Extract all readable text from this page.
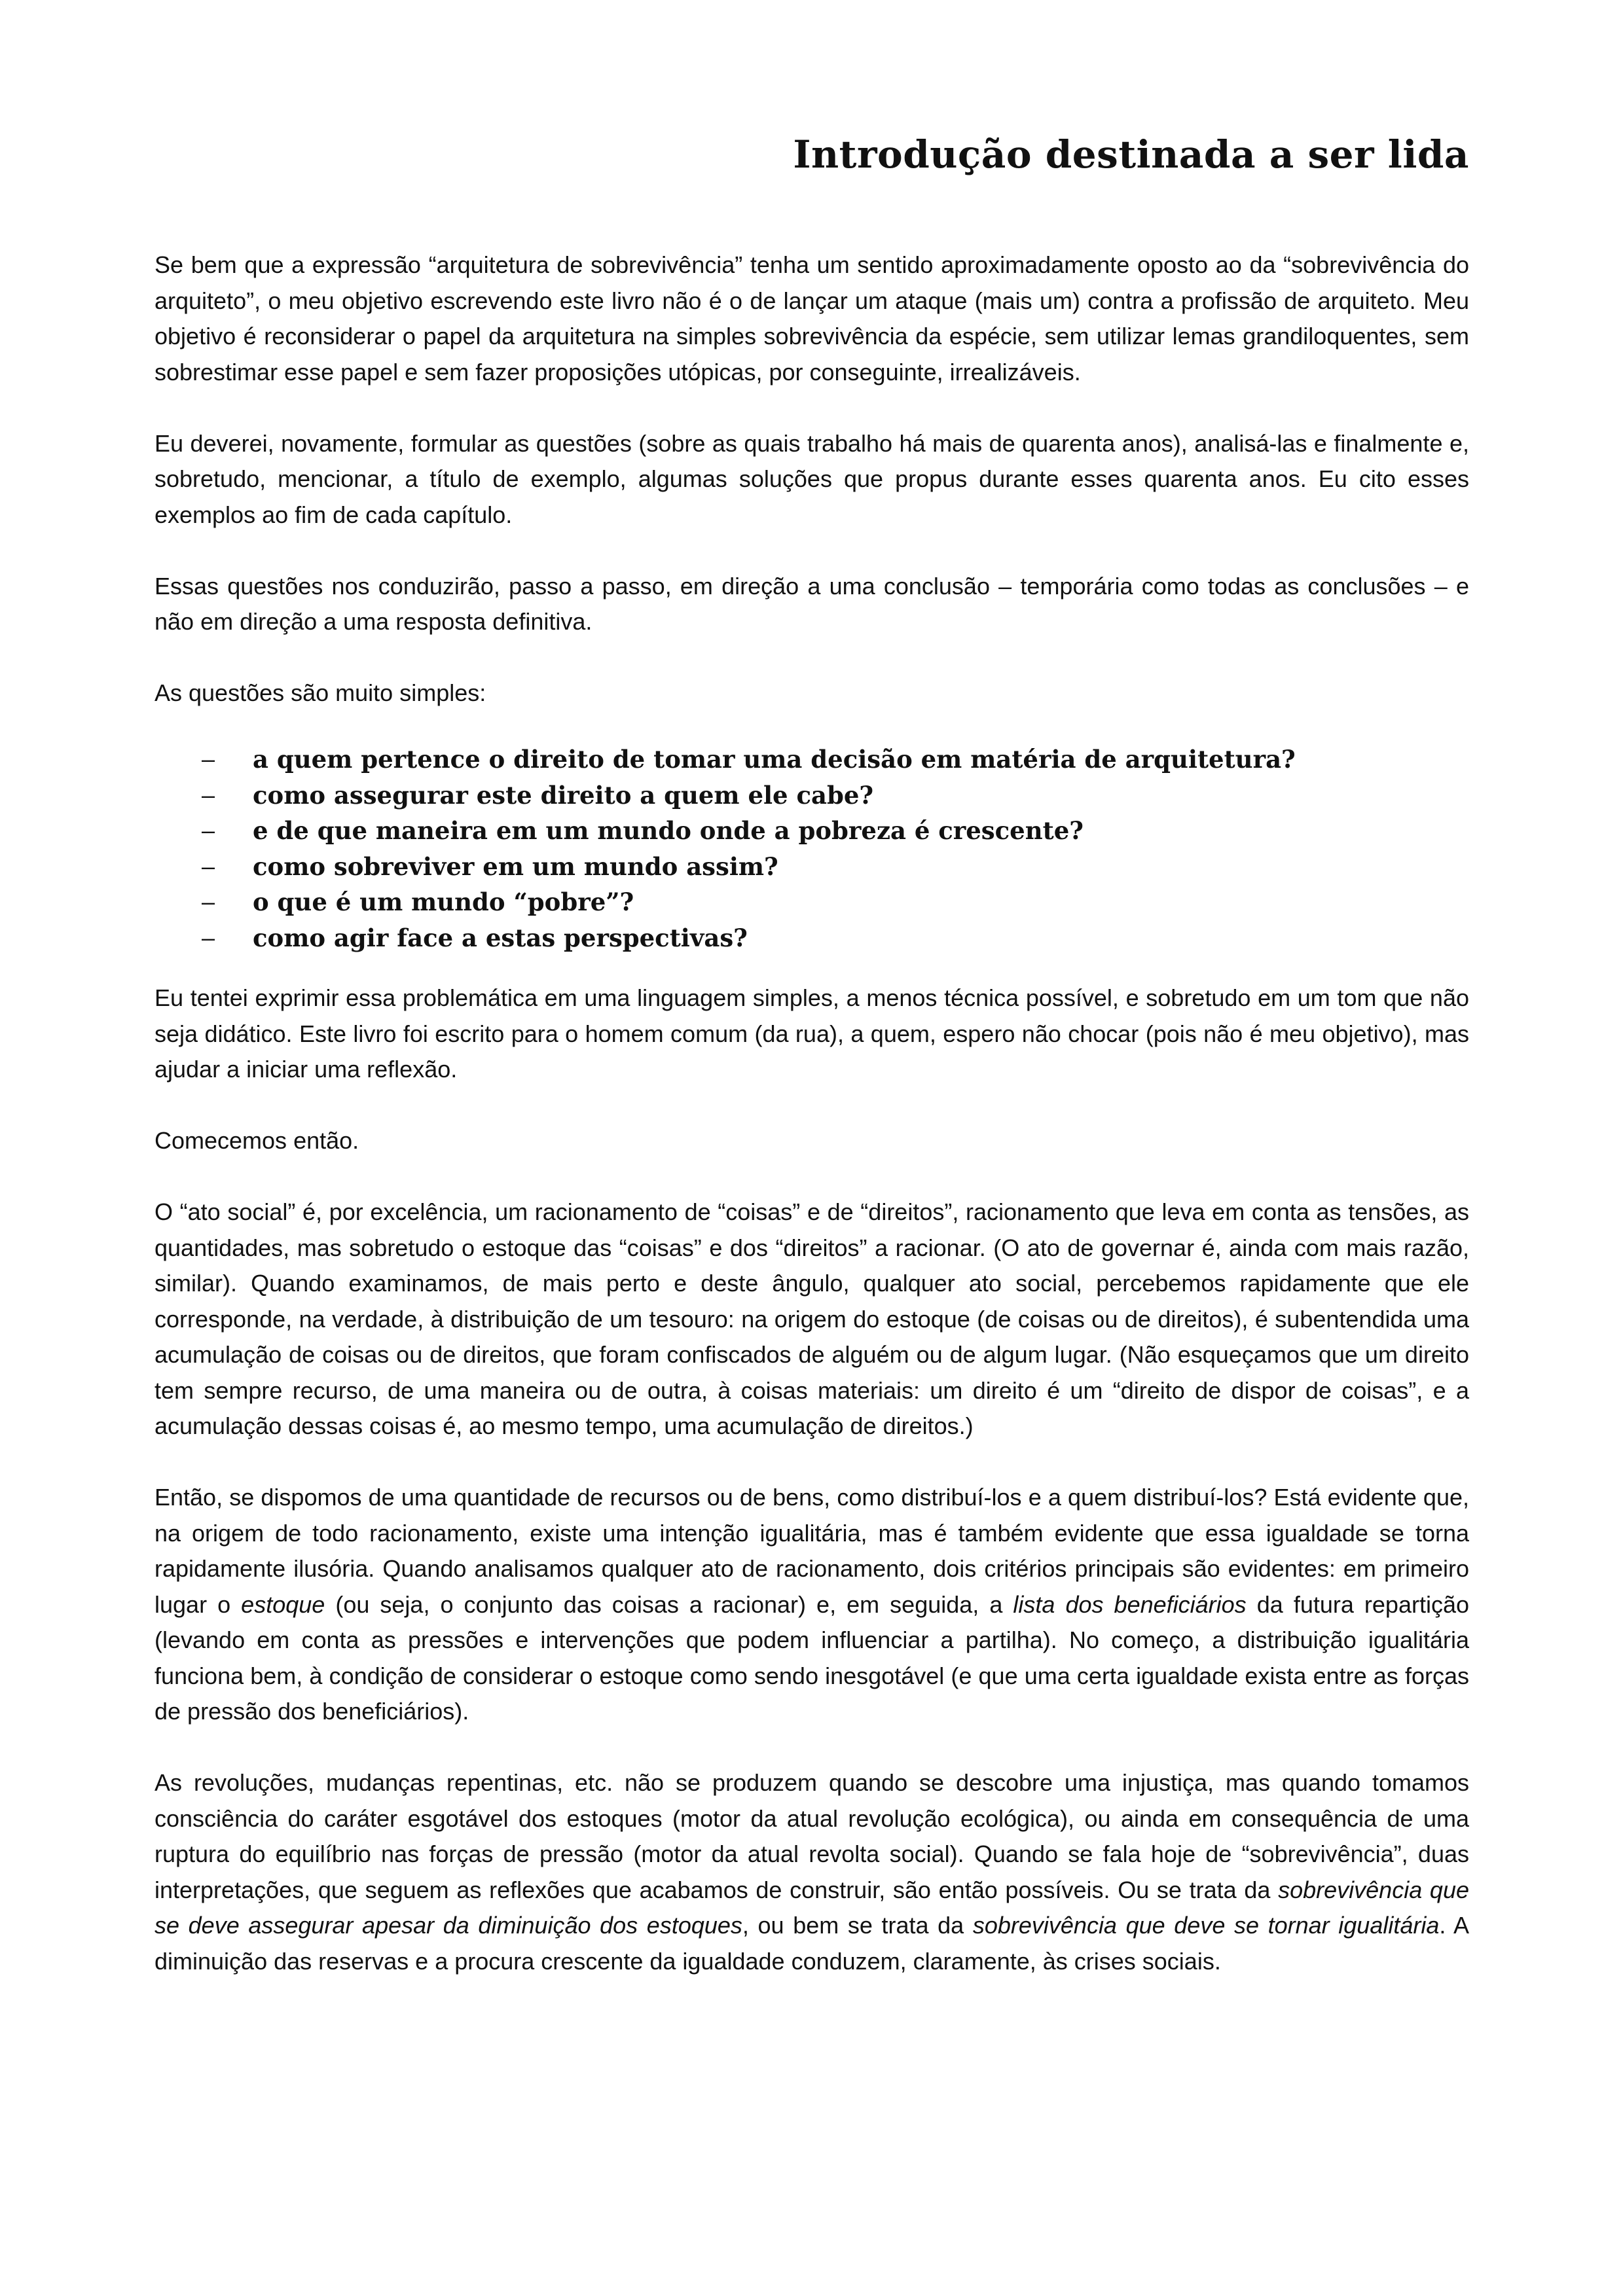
Introdução destinada a ser lida

Se bem que a expressão “arquitetura de sobrevivência” tenha um sentido aproximadamente oposto ao da “sobrevivência do arquiteto”, o meu objetivo escrevendo este livro não é o de lançar um ataque (mais um) contra a profissão de arquiteto. Meu objetivo é reconsiderar o papel da arquitetura na simples sobrevivência da espécie, sem utilizar lemas grandiloquentes, sem sobrestimar esse papel e sem fazer proposições utópicas, por conseguinte, irrealizáveis.

Eu deverei, novamente, formular as questões (sobre as quais trabalho há mais de quarenta anos), analisá-las e finalmente e, sobretudo, mencionar, a título de exemplo, algumas soluções que propus durante esses quarenta anos. Eu cito esses exemplos ao fim de cada capítulo.

Essas questões nos conduzirão, passo a passo, em direção a uma conclusão – temporária como todas as conclusões – e não em direção a uma resposta definitiva.

As questões são muito simples:

– a quem pertence o direito de tomar uma decisão em matéria de arquitetura?
– como assegurar este direito a quem ele cabe?
– e de que maneira em um mundo onde a pobreza é crescente?
– como sobreviver em um mundo assim?
– o que é um mundo “pobre”?
– como agir face a estas perspectivas?

Eu tentei exprimir essa problemática em uma linguagem simples, a menos técnica possível, e sobretudo em um tom que não seja didático. Este livro foi escrito para o homem comum (da rua), a quem, espero não chocar (pois não é meu objetivo), mas ajudar a iniciar uma reflexão.

Comecemos então.

O “ato social” é, por excelência, um racionamento de “coisas” e de “direitos”, racionamento que leva em conta as tensões, as quantidades, mas sobretudo o estoque das “coisas” e dos “direitos” a racionar. (O ato de governar é, ainda com mais razão, similar). Quando examinamos, de mais perto e deste ângulo, qualquer ato social, percebemos rapidamente que ele corresponde, na verdade, à distribuição de um tesouro: na origem do estoque (de coisas ou de direitos), é subentendida uma acumulação de coisas ou de direitos, que foram confiscados de alguém ou de algum lugar. (Não esqueçamos que um direito tem sempre recurso, de uma maneira ou de outra, à coisas materiais: um direito é um “direito de dispor de coisas”, e a acumulação dessas coisas é, ao mesmo tempo, uma acumulação de direitos.)

Então, se dispomos de uma quantidade de recursos ou de bens, como distribuí-los e a quem distribuí-los? Está evidente que, na origem de todo racionamento, existe uma intenção igualitária, mas é também evidente que essa igualdade se torna rapidamente ilusória. Quando analisamos qualquer ato de racionamento, dois critérios principais são evidentes: em primeiro lugar o estoque (ou seja, o conjunto das coisas a racionar) e, em seguida, a lista dos beneficiários da futura repartição (levando em conta as pressões e intervenções que podem influenciar a partilha). No começo, a distribuição igualitária funciona bem, à condição de considerar o estoque como sendo inesgotável (e que uma certa igualdade exista entre as forças de pressão dos beneficiários).

As revoluções, mudanças repentinas, etc. não se produzem quando se descobre uma injustiça, mas quando tomamos consciência do caráter esgotável dos estoques (motor da atual revolução ecológica), ou ainda em consequência de uma ruptura do equilíbrio nas forças de pressão (motor da atual revolta social). Quando se fala hoje de “sobrevivência”, duas interpretações, que seguem as reflexões que acabamos de construir, são então possíveis. Ou se trata da sobrevivência que se deve assegurar apesar da diminuição dos estoques, ou bem se trata da sobrevivência que deve se tornar igualitária. A diminuição das reservas e a procura crescente da igualdade conduzem, claramente, às crises sociais.
